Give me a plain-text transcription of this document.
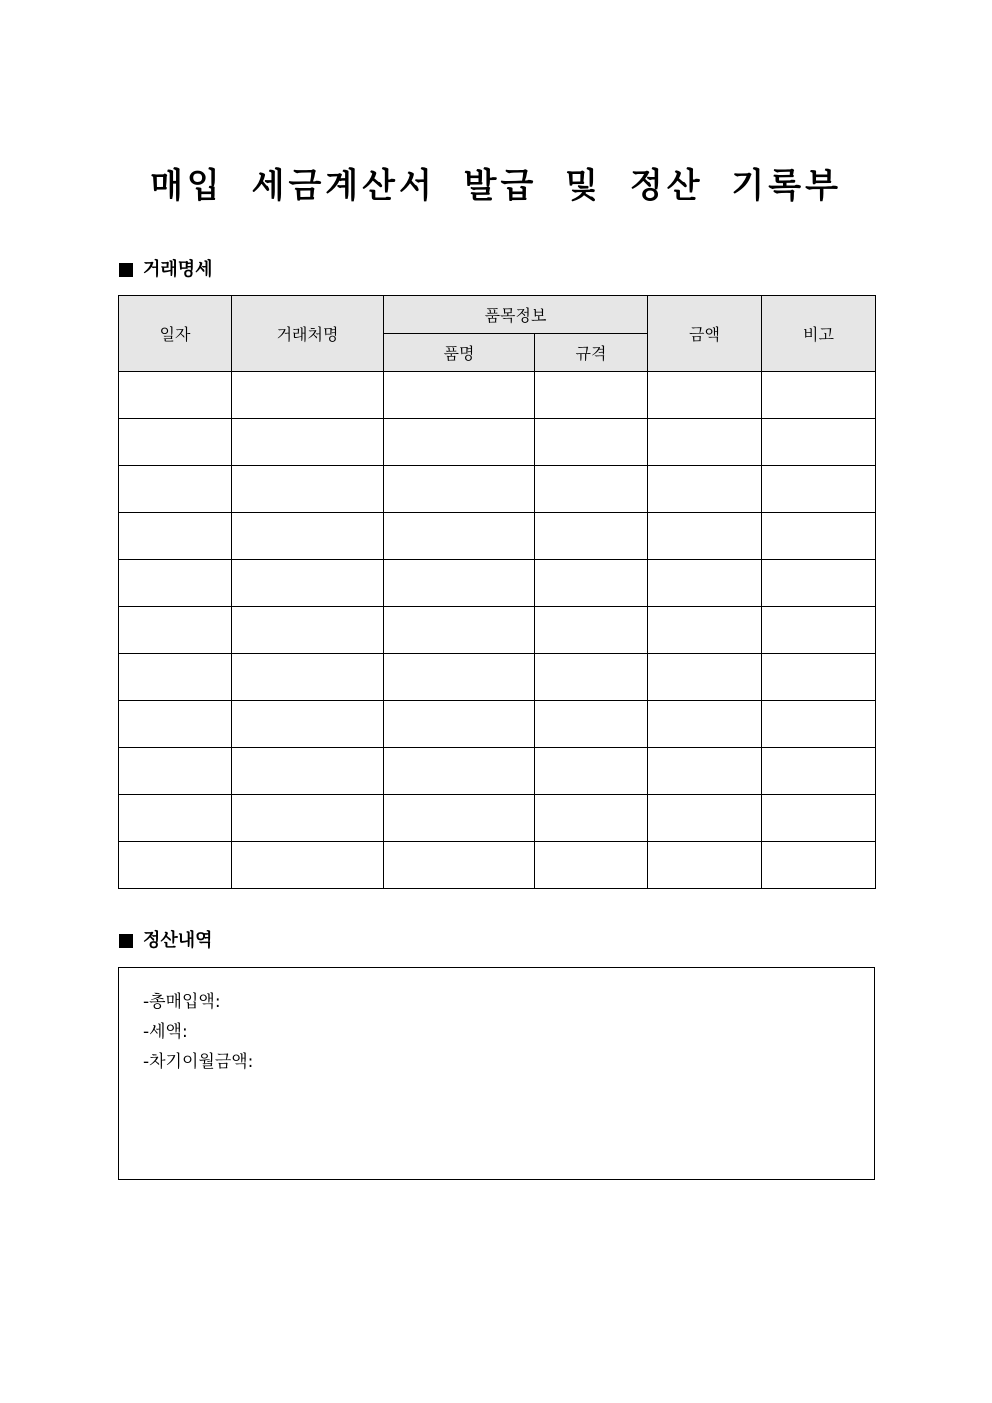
매입 세금계산서 발급 및 정산 기록부
거래명세
일자	거래처명	품목정보		금액	비고
		품명	규격		

정산내역
-총매입액:
-세액:
-차기이월금액:
